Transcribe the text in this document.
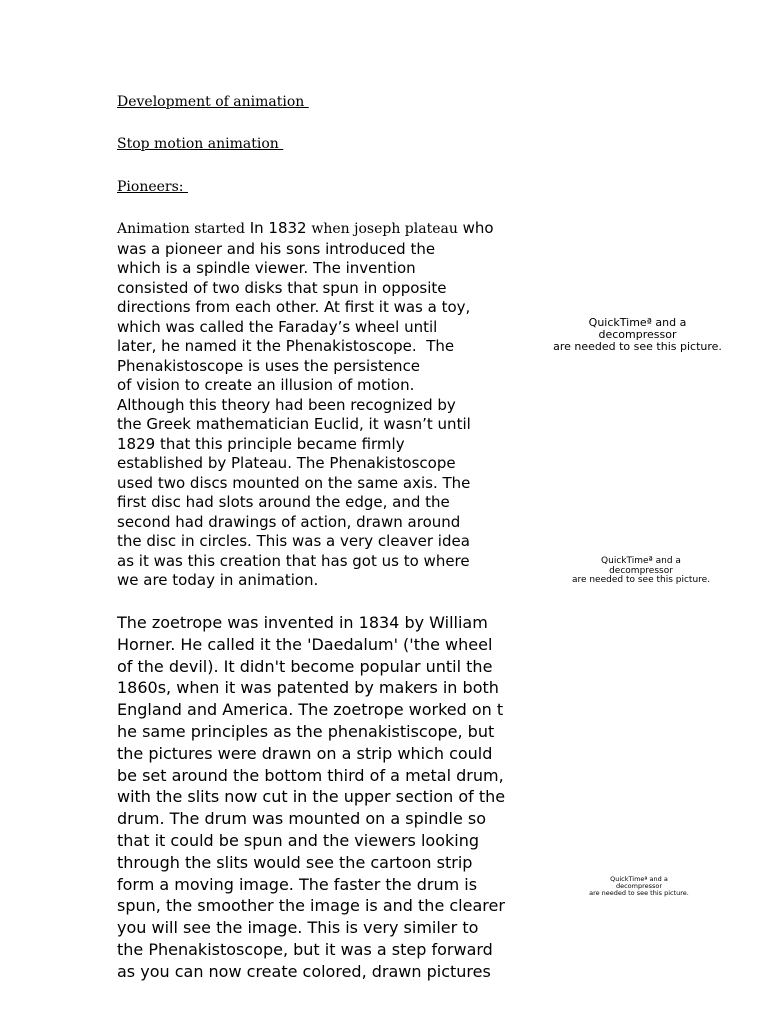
Development of animation
Stop motion animation
Pioneers:
Animation started In 1832 when joseph plateau who
was a pioneer and his sons introduced the
which is a spindle viewer. The invention
consisted of two disks that spun in opposite
directions from each other. At first it was a toy,
which was called the Faraday’s wheel until
later, he named it the Phenakistoscope.  The
Phenakistoscope is uses the persistence
of vision to create an illusion of motion.
Although this theory had been recognized by
the Greek mathematician Euclid, it wasn’t until
1829 that this principle became firmly
established by Plateau. The Phenakistoscope
used two discs mounted on the same axis. The
first disc had slots around the edge, and the
second had drawings of action, drawn around
the disc in circles. This was a very cleaver idea
as it was this creation that has got us to where
we are today in animation.
The zoetrope was invented in 1834 by William
Horner. He called it the 'Daedalum' ('the wheel
of the devil). It didn't become popular until the
1860s, when it was patented by makers in both
England and America. The zoetrope worked on t
he same principles as the phenakistiscope, but
the pictures were drawn on a strip which could
be set around the bottom third of a metal drum,
with the slits now cut in the upper section of the
drum. The drum was mounted on a spindle so
that it could be spun and the viewers looking
through the slits would see the cartoon strip
form a moving image. The faster the drum is
spun, the smoother the image is and the clearer
you will see the image. This is very similer to
the Phenakistoscope, but it was a step forward
as you can now create colored, drawn pictures
QuickTimeª and a
decompressor
are needed to see this picture.
QuickTimeª and a
decompressor
are needed to see this picture.
QuickTimeª and a
decompressor
are needed to see this picture.
